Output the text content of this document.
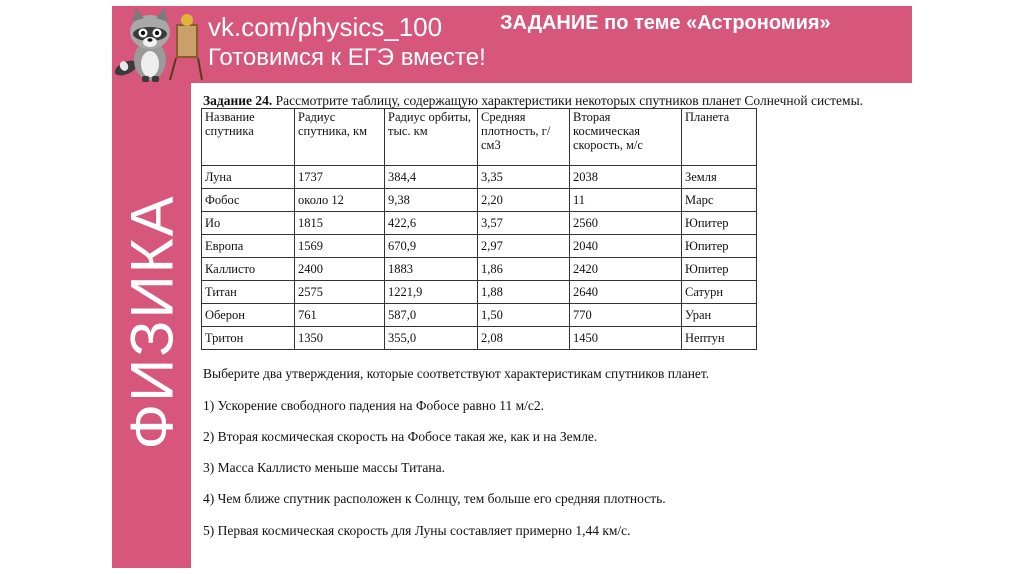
ФИЗИКА
vk.com/physics_100
Готовимся к ЕГЭ вместе!
ЗАДАНИЕ по теме «Астрономия»
Задание 24. Рассмотрите таблицу, содержащую характеристики некоторых спутников планет Солнечной системы.
Название спутника	Радиус спутника, км	Радиус орбиты, тыс. км	Средняя плотность, г/см3	Вторая космическая скорость, м/с	Планета
Луна	1737	384,4	3,35	2038	Земля
Фобос	около 12	9,38	2,20	11	Марс
Ио	1815	422,6	3,57	2560	Юпитер
Европа	1569	670,9	2,97	2040	Юпитер
Каллисто	2400	1883	1,86	2420	Юпитер
Титан	2575	1221,9	1,88	2640	Сатурн
Оберон	761	587,0	1,50	770	Уран
Тритон	1350	355,0	2,08	1450	Нептун
Выберите два утверждения, которые соответствуют характеристикам спутников планет.
1) Ускорение свободного падения на Фобосе равно 11 м/с2.
2) Вторая космическая скорость на Фобосе такая же, как и на Земле.
3) Масса Каллисто меньше массы Титана.
4) Чем ближе спутник расположен к Солнцу, тем больше его средняя плотность.
5) Первая космическая скорость для Луны составляет примерно 1,44 км/с.
